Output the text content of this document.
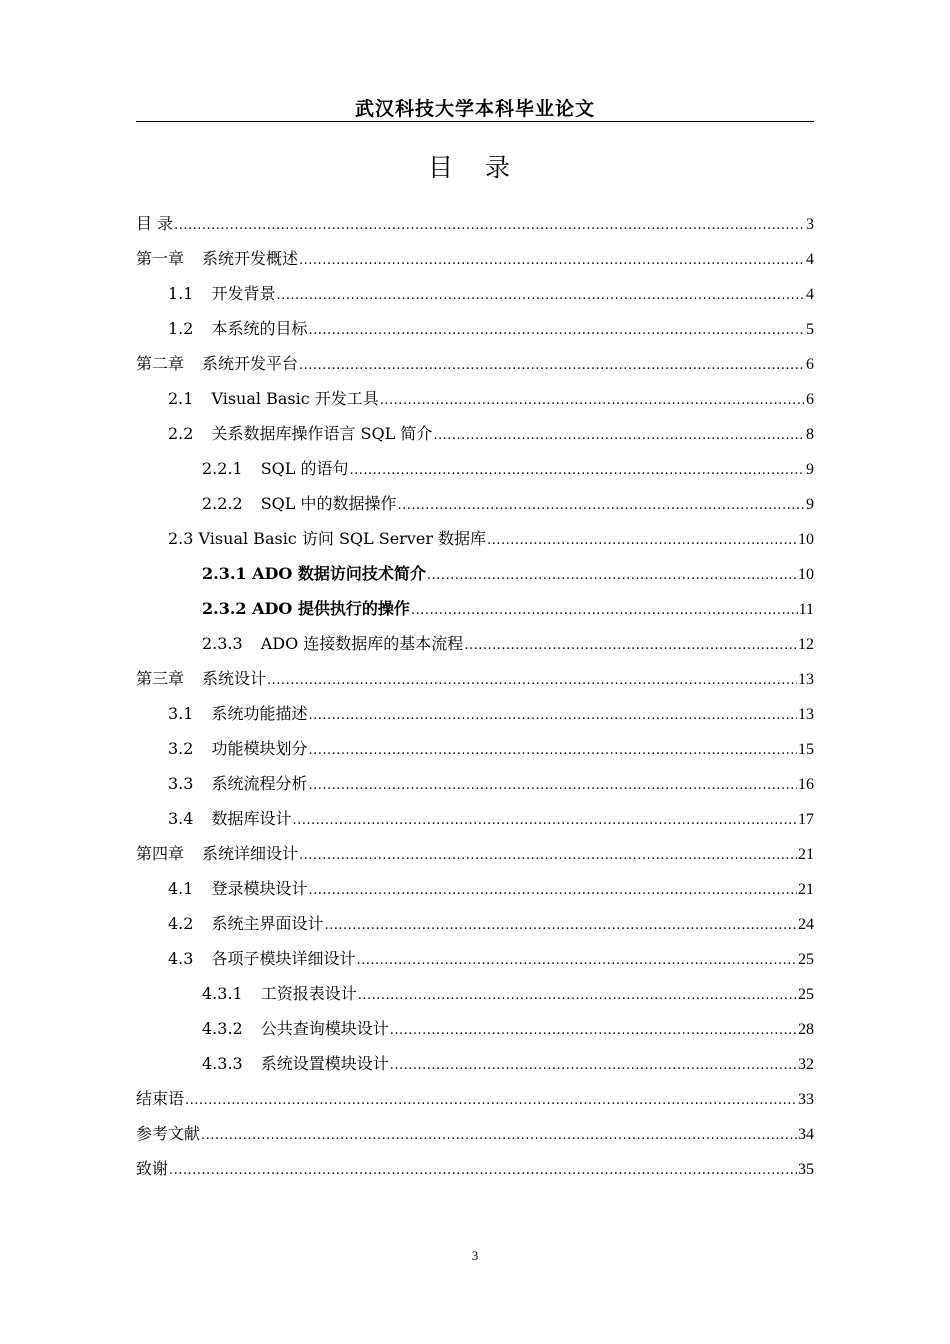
武汉科技大学本科毕业论文
目 录
目 录 .....	3
第一章 系统开发概述 .....	4
1.1 开发背景 .....	4
1.2 本系统的目标 .....	5
第二章 系统开发平台 .....	6
2.1 Visual Basic 开发工具 .....	6
2.2 关系数据库操作语言 SQL 简介 .....	8
2.2.1 SQL 的语句 .....	9
2.2.2 SQL 中的数据操作 .....	9
2.3 Visual Basic 访问 SQL Server 数据库 .....	10
2.3.1 ADO 数据访问技术简介 .....	10
2.3.2 ADO 提供执行的操作 .....	11
2.3.3 ADO 连接数据库的基本流程 .....	12
第三章 系统设计 .....	13
3.1 系统功能描述 .....	13
3.2 功能模块划分 .....	15
3.3 系统流程分析 .....	16
3.4 数据库设计 .....	17
第四章 系统详细设计 .....	21
4.1 登录模块设计 .....	21
4.2 系统主界面设计 .....	24
4.3 各项子模块详细设计 .....	25
4.3.1 工资报表设计 .....	25
4.3.2 公共查询模块设计 .....	28
4.3.3 系统设置模块设计 .....	32
结束语 .....	33
参考文献 .....	34
致谢 .....	35
3
